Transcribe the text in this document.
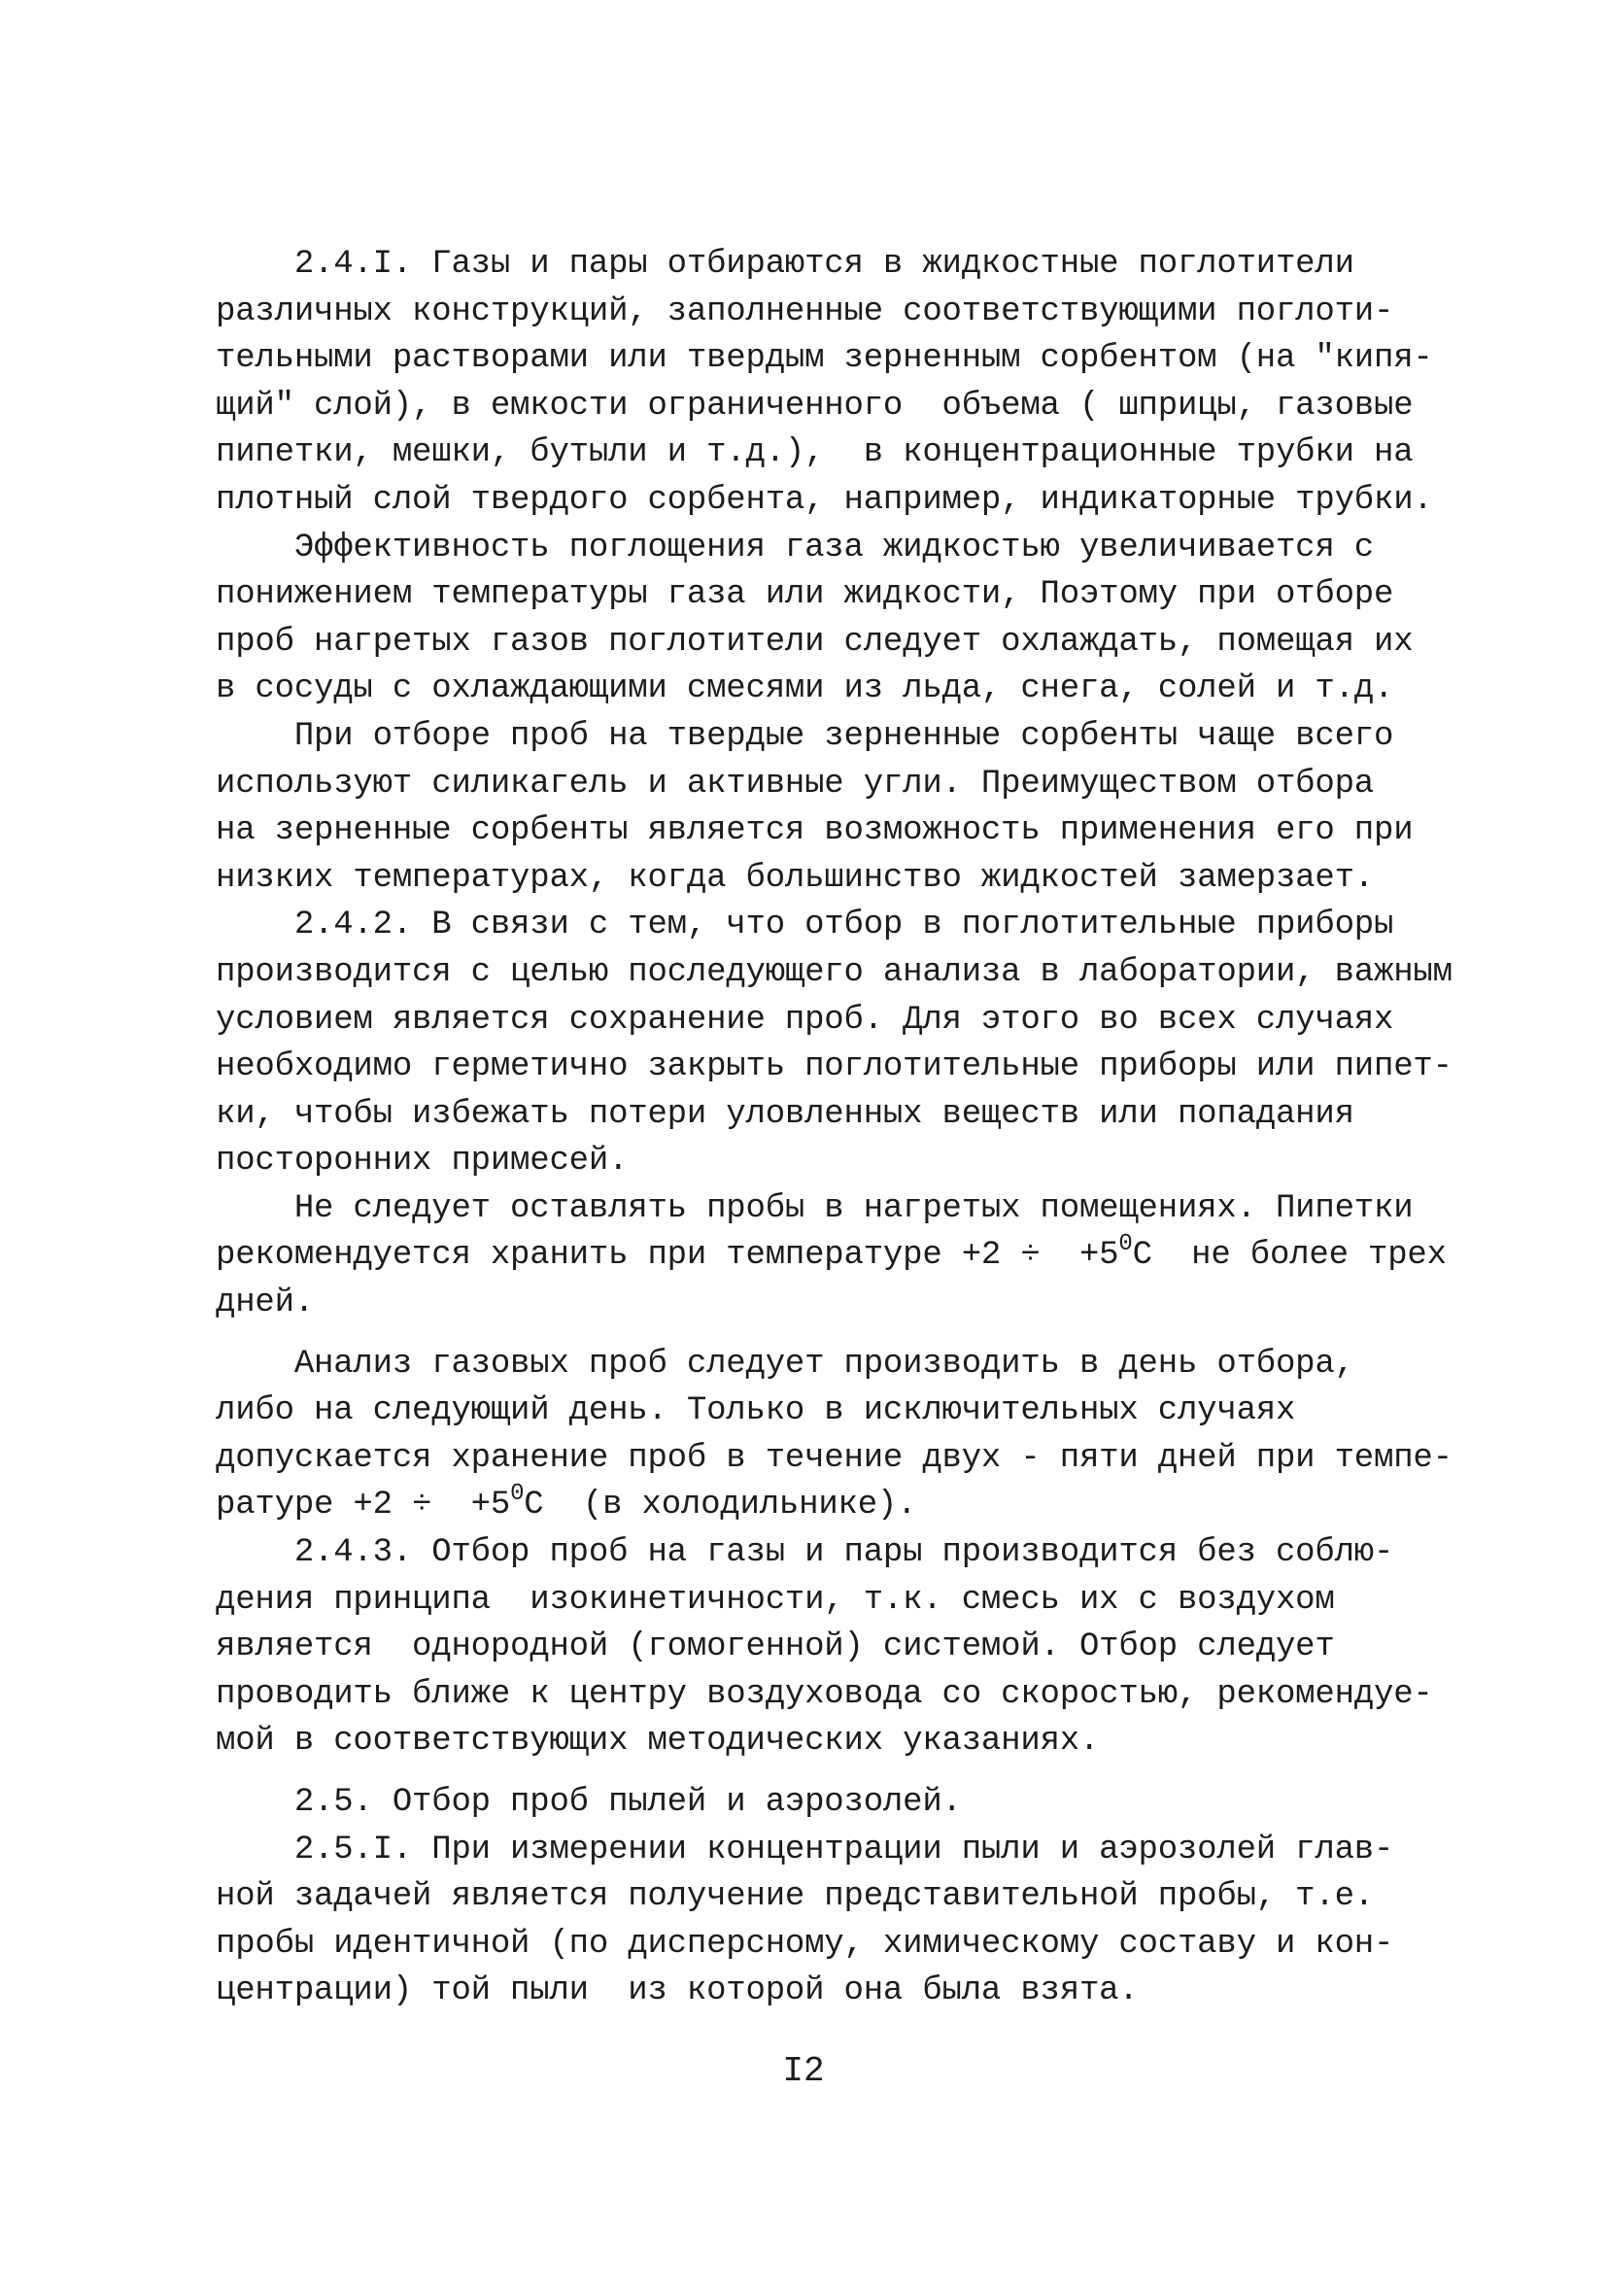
2.4.I. Газы и пары отбираются в жидкостные поглотители
различных конструкций, заполненные соответствующими поглоти-
тельными растворами или твердым зерненным сорбентом (на "кипя-
щий" слой), в емкости ограниченного  объема ( шприцы, газовые
пипетки, мешки, бутыли и т.д.),  в концентрационные трубки на
плотный слой твердого сорбента, например, индикаторные трубки.
Эффективность поглощения газа жидкостью увеличивается с
понижением температуры газа или жидкости, Поэтому при отборе
проб нагретых газов поглотители следует охлаждать, помещая их
в сосуды с охлаждающими смесями из льда, снега, солей и т.д.
При отборе проб на твердые зерненные сорбенты чаще всего
используют силикагель и активные угли. Преимуществом отбора
на зерненные сорбенты является возможность применения его при
низких температурах, когда большинство жидкостей замерзает.
2.4.2. В связи с тем, что отбор в поглотительные приборы
производится с целью последующего анализа в лаборатории, важным
условием является сохранение проб. Для этого во всех случаях
необходимо герметично закрыть поглотительные приборы или пипет-
ки, чтобы избежать потери уловленных веществ или попадания
посторонних примесей.
Не следует оставлять пробы в нагретых помещениях. Пипетки
рекомендуется хранить при температуре $+2 \div +5^0С$  не более трех
дней.
Анализ газовых проб следует производить в день отбора,
либо на следующий день. Только в исключительных случаях
допускается хранение проб в течение двух - пяти дней при темпе-
ратуре $+2 \div +5^0С$  (в холодильнике).
2.4.3. Отбор проб на газы и пары производится без соблю-
дения принципа  изокинетичности, т.к. смесь их с воздухом
является  однородной (гомогенной) системой. Отбор следует
проводить ближе к центру воздуховода со скоростью, рекомендуе-
мой в соответствующих методических указаниях.
2.5. Отбор проб пылей и аэрозолей.
2.5.I. При измерении концентрации пыли и аэрозолей глав-
ной задачей является получение представительной пробы, т.е.
пробы идентичной (по дисперсному, химическому составу и кон-
центрации) той пыли  из которой она была взята.
I2
